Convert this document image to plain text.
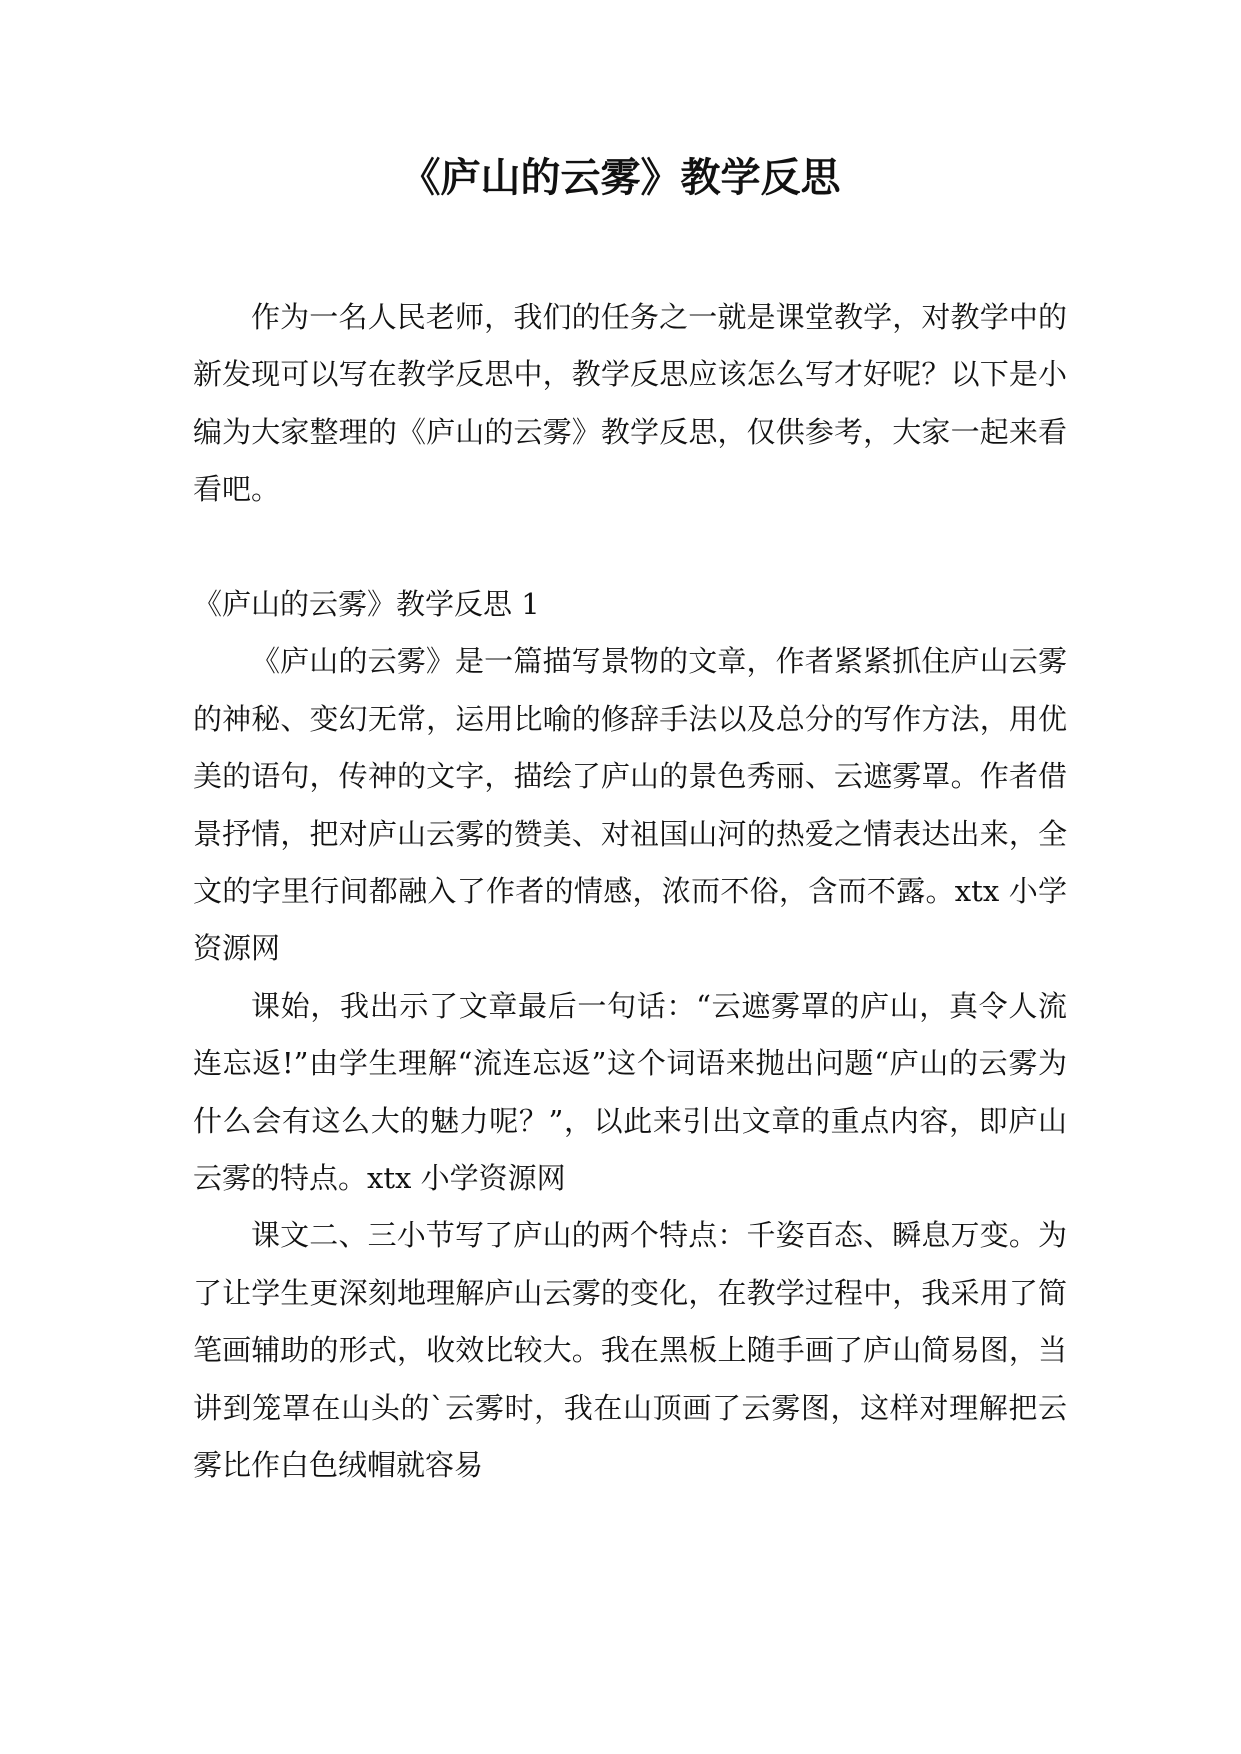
《庐山的云雾》教学反思

作为一名人民老师，我们的任务之一就是课堂教学，对教学中的新发现可以写在教学反思中，教学反思应该怎么写才好呢？以下是小编为大家整理的《庐山的云雾》教学反思，仅供参考，大家一起来看看吧。

《庐山的云雾》教学反思 1

《庐山的云雾》是一篇描写景物的文章，作者紧紧抓住庐山云雾的神秘、变幻无常，运用比喻的修辞手法以及总分的写作方法，用优美的语句，传神的文字，描绘了庐山的景色秀丽、云遮雾罩。作者借景抒情，把对庐山云雾的赞美、对祖国山河的热爱之情表达出来，全文的字里行间都融入了作者的情感，浓而不俗，含而不露。xtx 小学资源网

课始，我出示了文章最后一句话：“云遮雾罩的庐山，真令人流连忘返!”由学生理解“流连忘返”这个词语来抛出问题“庐山的云雾为什么会有这么大的魅力呢？”，以此来引出文章的重点内容，即庐山云雾的特点。xtx 小学资源网

课文二、三小节写了庐山的两个特点：千姿百态、瞬息万变。为了让学生更深刻地理解庐山云雾的变化，在教学过程中，我采用了简笔画辅助的形式，收效比较大。我在黑板上随手画了庐山简易图，当讲到笼罩在山头的`云雾时，我在山顶画了云雾图，这样对理解把云雾比作白色绒帽就容易
